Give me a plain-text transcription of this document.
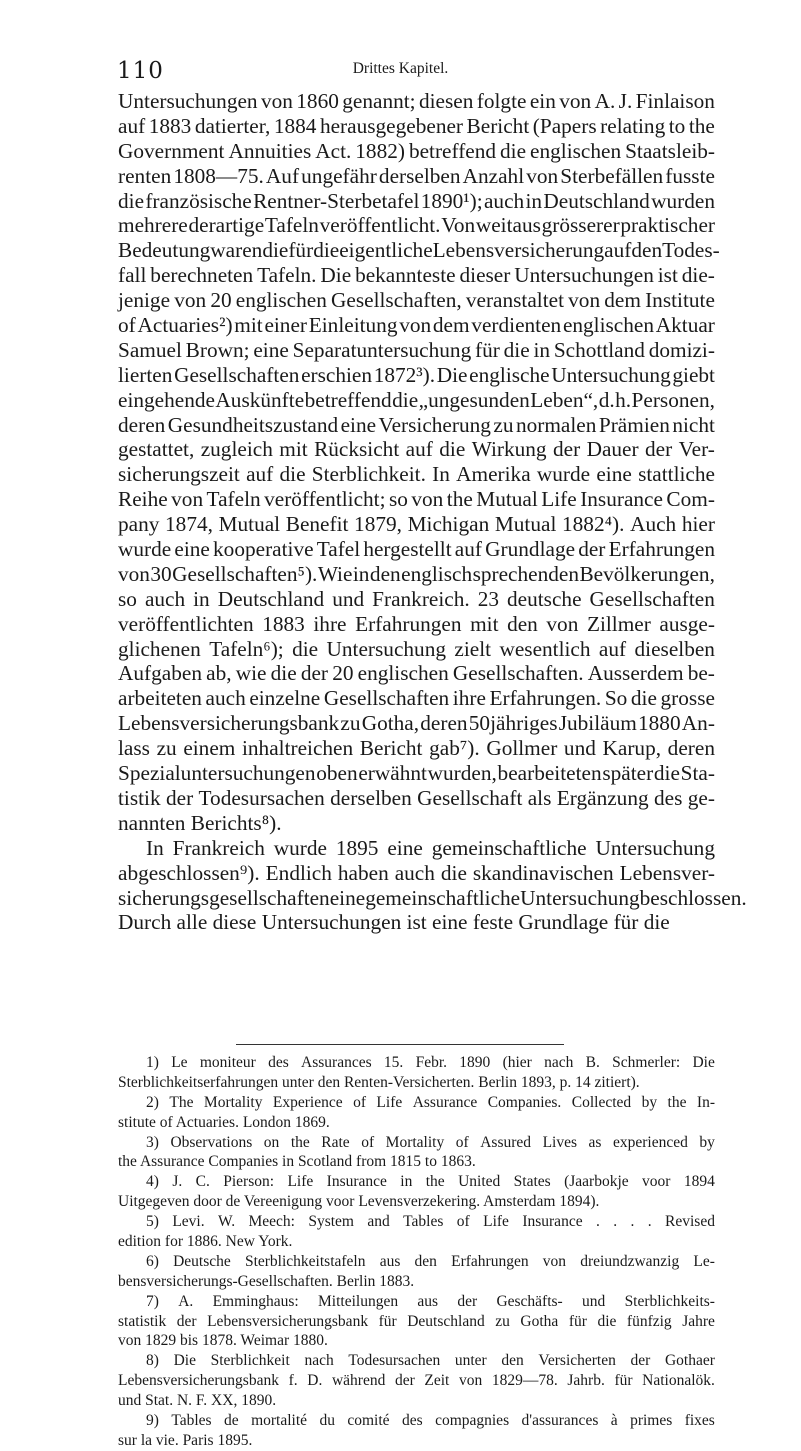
110	Drittes Kapitel.
Untersuchungen von 1860 genannt; diesen folgte ein von A. J. Finlaison
auf 1883 datierter, 1884 herausgegebener Bericht (Papers relating to the
Government Annuities Act. 1882) betreffend die englischen Staatsleib-
renten 1808—75. Auf ungefähr derselben Anzahl von Sterbefällen fusste
die französische Rentner-Sterbetafel 1890¹); auch in Deutschland wurden
mehrere derartige Tafeln veröffentlicht. Von weitaus grösserer praktischer
Bedeutung waren die für die eigentliche Lebensversicherung auf den Todes-
fall berechneten Tafeln. Die bekannteste dieser Untersuchungen ist die-
jenige von 20 englischen Gesellschaften, veranstaltet von dem Institute
of Actuaries²) mit einer Einleitung von dem verdienten englischen Aktuar
Samuel Brown; eine Separatuntersuchung für die in Schottland domizi-
lierten Gesellschaften erschien 1872³). Die englische Untersuchung giebt
eingehende Auskünfte betreffend die „ungesunden Leben“, d. h. Personen,
deren Gesundheitszustand eine Versicherung zu normalen Prämien nicht
gestattet, zugleich mit Rücksicht auf die Wirkung der Dauer der Ver-
sicherungszeit auf die Sterblichkeit. In Amerika wurde eine stattliche
Reihe von Tafeln veröffentlicht; so von the Mutual Life Insurance Com-
pany 1874, Mutual Benefit 1879, Michigan Mutual 1882⁴). Auch hier
wurde eine kooperative Tafel hergestellt auf Grundlage der Erfahrungen
von 30 Gesellschaften⁵). Wie in den englisch sprechenden Bevölkerungen,
so auch in Deutschland und Frankreich. 23 deutsche Gesellschaften
veröffentlichten 1883 ihre Erfahrungen mit den von Zillmer ausge-
glichenen Tafeln⁶); die Untersuchung zielt wesentlich auf dieselben
Aufgaben ab, wie die der 20 englischen Gesellschaften. Ausserdem be-
arbeiteten auch einzelne Gesellschaften ihre Erfahrungen. So die grosse
Lebensversicherungsbank zu Gotha, deren 50jähriges Jubiläum 1880 An-
lass zu einem inhaltreichen Bericht gab⁷). Gollmer und Karup, deren
Spezialuntersuchungen oben erwähnt wurden, bearbeiteten später die Sta-
tistik der Todesursachen derselben Gesellschaft als Ergänzung des ge-
nannten Berichts⁸).
In Frankreich wurde 1895 eine gemeinschaftliche Untersuchung
abgeschlossen⁹). Endlich haben auch die skandinavischen Lebensver-
sicherungsgesellschaften eine gemeinschaftliche Untersuchung beschlossen.
Durch alle diese Untersuchungen ist eine feste Grundlage für die
1) Le moniteur des Assurances 15. Febr. 1890 (hier nach B. Schmerler: Die
Sterblichkeitserfahrungen unter den Renten-Versicherten. Berlin 1893, p. 14 zitiert).
2) The Mortality Experience of Life Assurance Companies. Collected by the In-
stitute of Actuaries. London 1869.
3) Observations on the Rate of Mortality of Assured Lives as experienced by
the Assurance Companies in Scotland from 1815 to 1863.
4) J. C. Pierson: Life Insurance in the United States (Jaarbokje voor 1894
Uitgegeven door de Vereenigung voor Levensverzekering. Amsterdam 1894).
5) Levi. W. Meech: System and Tables of Life Insurance . . . . Revised
edition for 1886. New York.
6) Deutsche Sterblichkeitstafeln aus den Erfahrungen von dreiundzwanzig Le-
bensversicherungs-Gesellschaften. Berlin 1883.
7) A. Emminghaus: Mitteilungen aus der Geschäfts- und Sterblichkeits-
statistik der Lebensversicherungsbank für Deutschland zu Gotha für die fünfzig Jahre
von 1829 bis 1878. Weimar 1880.
8) Die Sterblichkeit nach Todesursachen unter den Versicherten der Gothaer
Lebensversicherungsbank f. D. während der Zeit von 1829—78. Jahrb. für Nationalök.
und Stat. N. F. XX, 1890.
9) Tables de mortalité du comité des compagnies d'assurances à primes fixes
sur la vie. Paris 1895.
